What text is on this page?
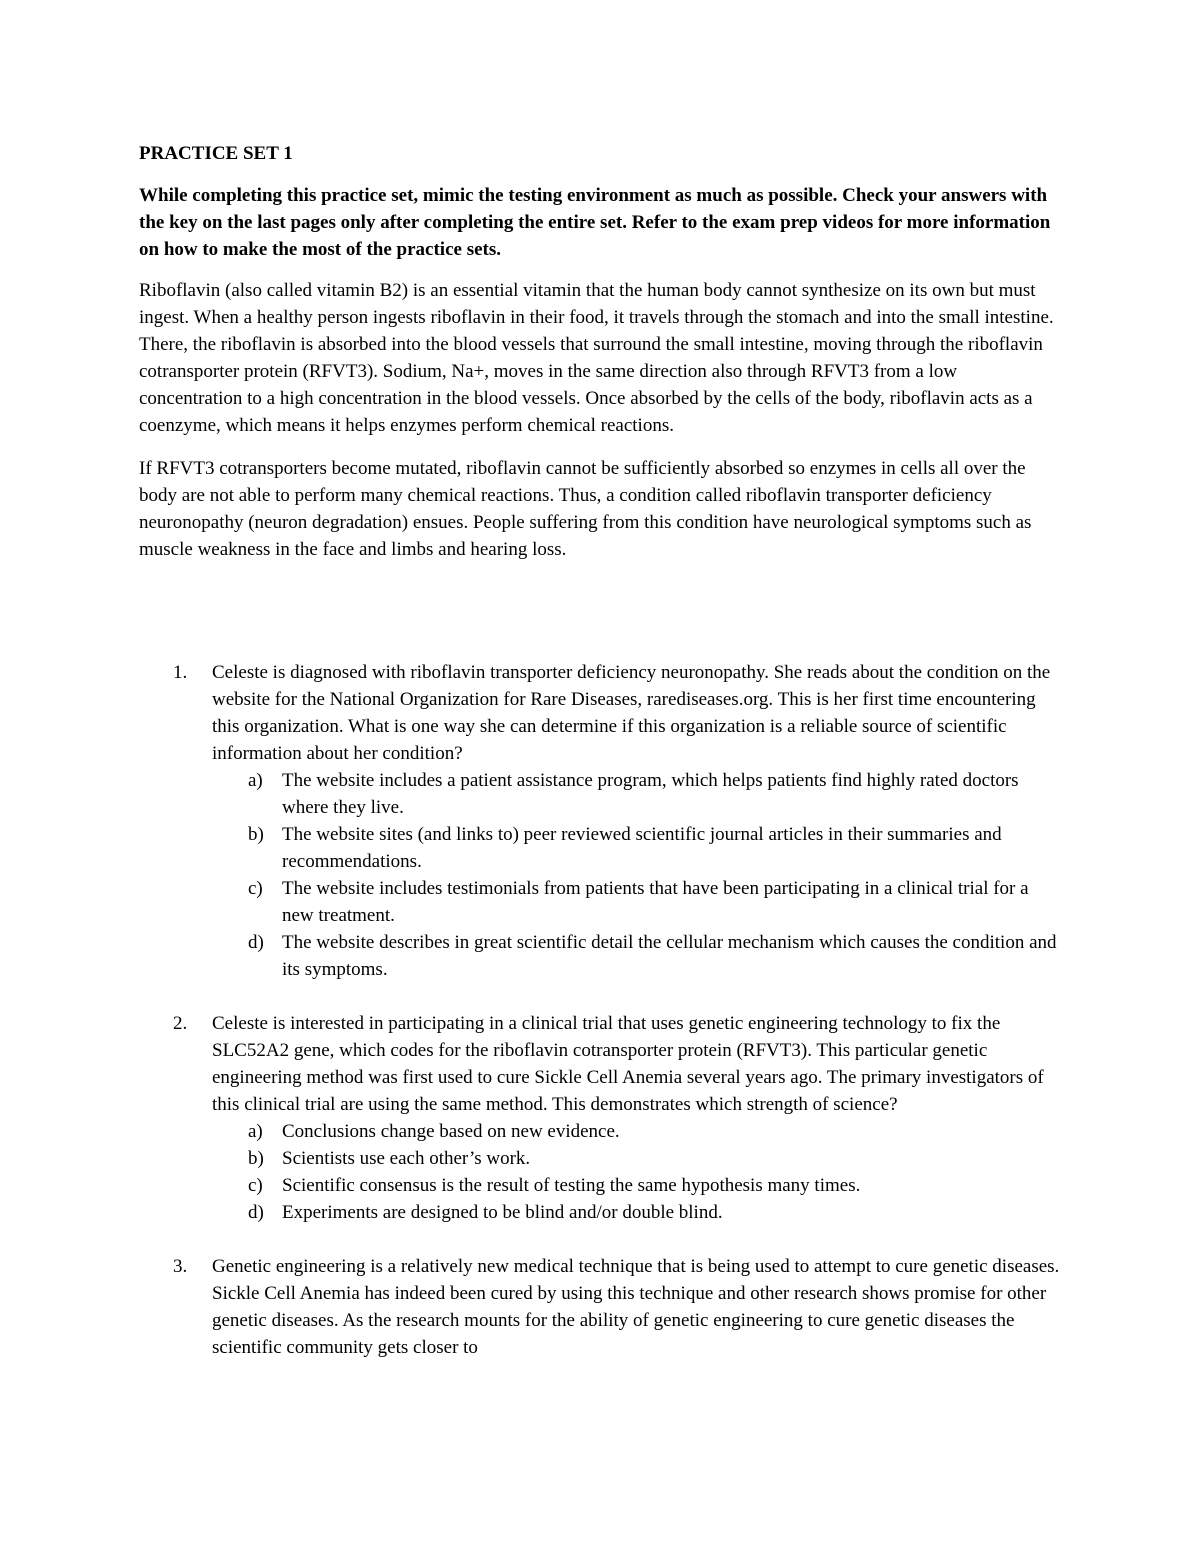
PRACTICE SET 1

While completing this practice set, mimic the testing environment as much as possible. Check your answers with the key on the last pages only after completing the entire set. Refer to the exam prep videos for more information on how to make the most of the practice sets.

Riboflavin (also called vitamin B2) is an essential vitamin that the human body cannot synthesize on its own but must ingest. When a healthy person ingests riboflavin in their food, it travels through the stomach and into the small intestine. There, the riboflavin is absorbed into the blood vessels that surround the small intestine, moving through the riboflavin cotransporter protein (RFVT3). Sodium, Na+, moves in the same direction also through RFVT3 from a low concentration to a high concentration in the blood vessels. Once absorbed by the cells of the body, riboflavin acts as a coenzyme, which means it helps enzymes perform chemical reactions.

If RFVT3 cotransporters become mutated, riboflavin cannot be sufficiently absorbed so enzymes in cells all over the body are not able to perform many chemical reactions. Thus, a condition called riboflavin transporter deficiency neuronopathy (neuron degradation) ensues. People suffering from this condition have neurological symptoms such as muscle weakness in the face and limbs and hearing loss.

1. Celeste is diagnosed with riboflavin transporter deficiency neuronopathy. She reads about the condition on the website for the National Organization for Rare Diseases, rarediseases.org. This is her first time encountering this organization. What is one way she can determine if this organization is a reliable source of scientific information about her condition?

a) The website includes a patient assistance program, which helps patients find highly rated doctors where they live.
b) The website sites (and links to) peer reviewed scientific journal articles in their summaries and recommendations.
c) The website includes testimonials from patients that have been participating in a clinical trial for a new treatment.
d) The website describes in great scientific detail the cellular mechanism which causes the condition and its symptoms.
2. Celeste is interested in participating in a clinical trial that uses genetic engineering technology to fix the SLC52A2 gene, which codes for the riboflavin cotransporter protein (RFVT3). This particular genetic engineering method was first used to cure Sickle Cell Anemia several years ago. The primary investigators of this clinical trial are using the same method. This demonstrates which strength of science?

a) Conclusions change based on new evidence.
b) Scientists use each other’s work.
c) Scientific consensus is the result of testing the same hypothesis many times.
d) Experiments are designed to be blind and/or double blind.
3. Genetic engineering is a relatively new medical technique that is being used to attempt to cure genetic diseases. Sickle Cell Anemia has indeed been cured by using this technique and other research shows promise for other genetic diseases. As the research mounts for the ability of genetic engineering to cure genetic diseases the scientific community gets closer to
